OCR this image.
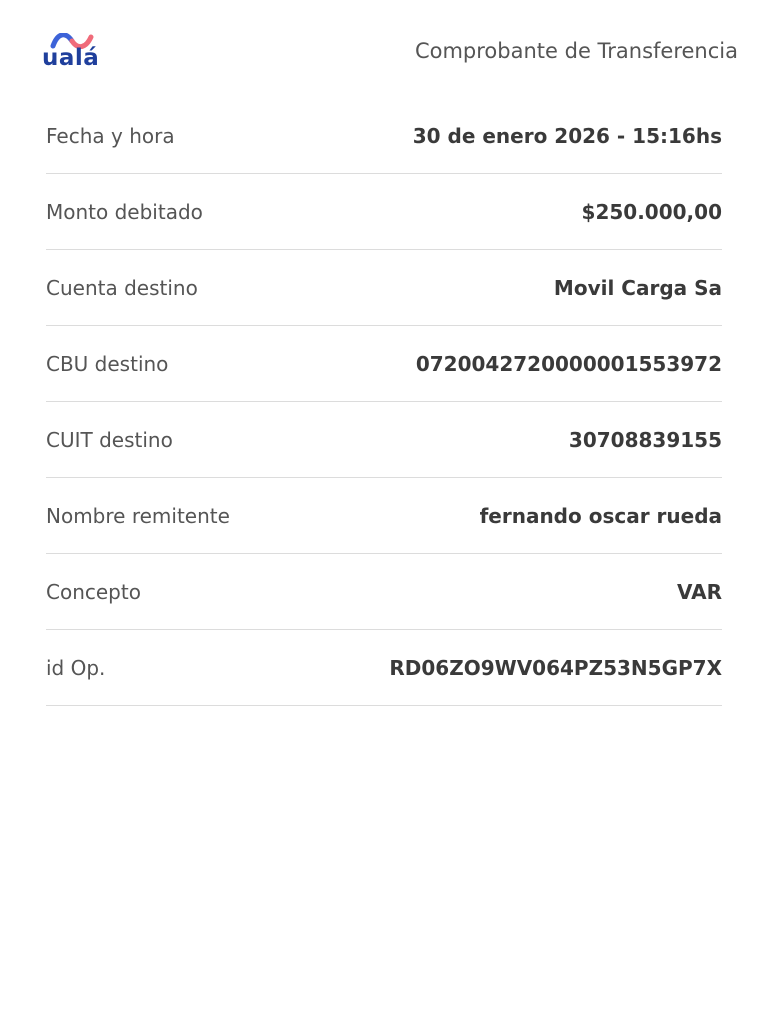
ualá	Comprobante de Transferencia
Fecha y hora	30 de enero 2026 - 15:16hs
Monto debitado	$250.000,00
Cuenta destino	Movil Carga Sa
CBU destino	0720042720000001553972
CUIT destino	30708839155
Nombre remitente	fernando oscar rueda
Concepto	VAR
id Op.	RD06ZO9WV064PZ53N5GP7X
